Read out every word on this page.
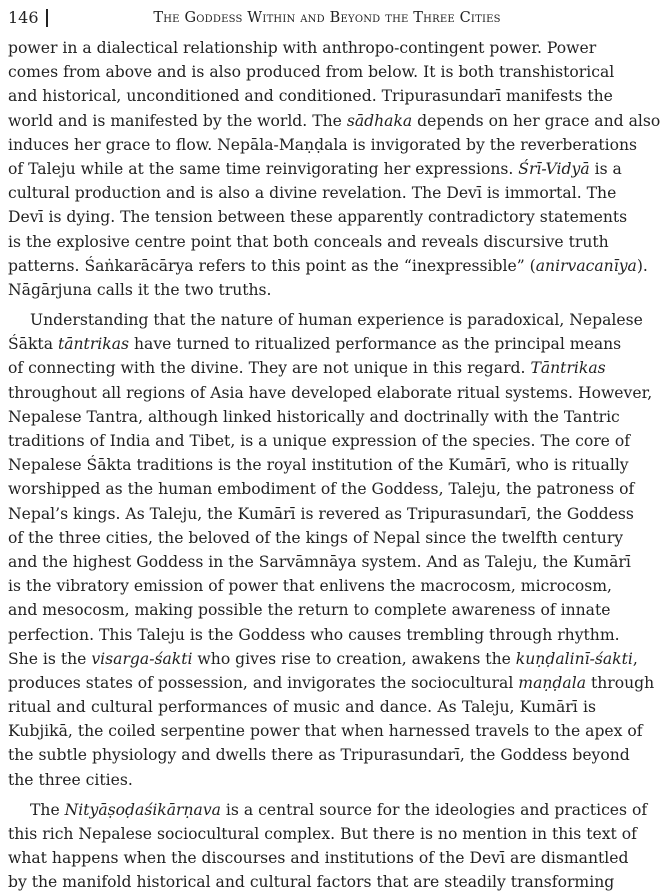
146	The Goddess Within and Beyond the Three Cities
power in a dialectical relationship with anthropo-contingent power. Power
comes from above and is also produced from below. It is both transhistorical
and historical, unconditioned and conditioned. Tripurasundarī manifests the
world and is manifested by the world. The sādhaka depends on her grace and also
induces her grace to flow. Nepāla-Maṇḍala is invigorated by the reverberations
of Taleju while at the same time reinvigorating her expressions. Śrī-Vidyā is a
cultural production and is also a divine revelation. The Devī is immortal. The
Devī is dying. The tension between these apparently contradictory statements
is the explosive centre point that both conceals and reveals discursive truth
patterns. Śaṅkarācārya refers to this point as the “inexpressible” (anirvacanīya).
Nāgārjuna calls it the two truths.
Understanding that the nature of human experience is paradoxical, Nepalese
Śākta tāntrikas have turned to ritualized performance as the principal means
of connecting with the divine. They are not unique in this regard. Tāntrikas
throughout all regions of Asia have developed elaborate ritual systems. However,
Nepalese Tantra, although linked historically and doctrinally with the Tantric
traditions of India and Tibet, is a unique expression of the species. The core of
Nepalese Śākta traditions is the royal institution of the Kumārī, who is ritually
worshipped as the human embodiment of the Goddess, Taleju, the patroness of
Nepal’s kings. As Taleju, the Kumārī is revered as Tripurasundarī, the Goddess
of the three cities, the beloved of the kings of Nepal since the twelfth century
and the highest Goddess in the Sarvāmnāya system. And as Taleju, the Kumārī
is the vibratory emission of power that enlivens the macrocosm, microcosm,
and mesocosm, making possible the return to complete awareness of innate
perfection. This Taleju is the Goddess who causes trembling through rhythm.
She is the visarga-śakti who gives rise to creation, awakens the kuṇḍalinī-śakti,
produces states of possession, and invigorates the sociocultural maṇḍala through
ritual and cultural performances of music and dance. As Taleju, Kumārī is
Kubjikā, the coiled serpentine power that when harnessed travels to the apex of
the subtle physiology and dwells there as Tripurasundarī, the Goddess beyond
the three cities.
The Nityāṣoḍaśikārṇava is a central source for the ideologies and practices of
this rich Nepalese sociocultural complex. But there is no mention in this text of
what happens when the discourses and institutions of the Devī are dismantled
by the manifold historical and cultural factors that are steadily transforming
